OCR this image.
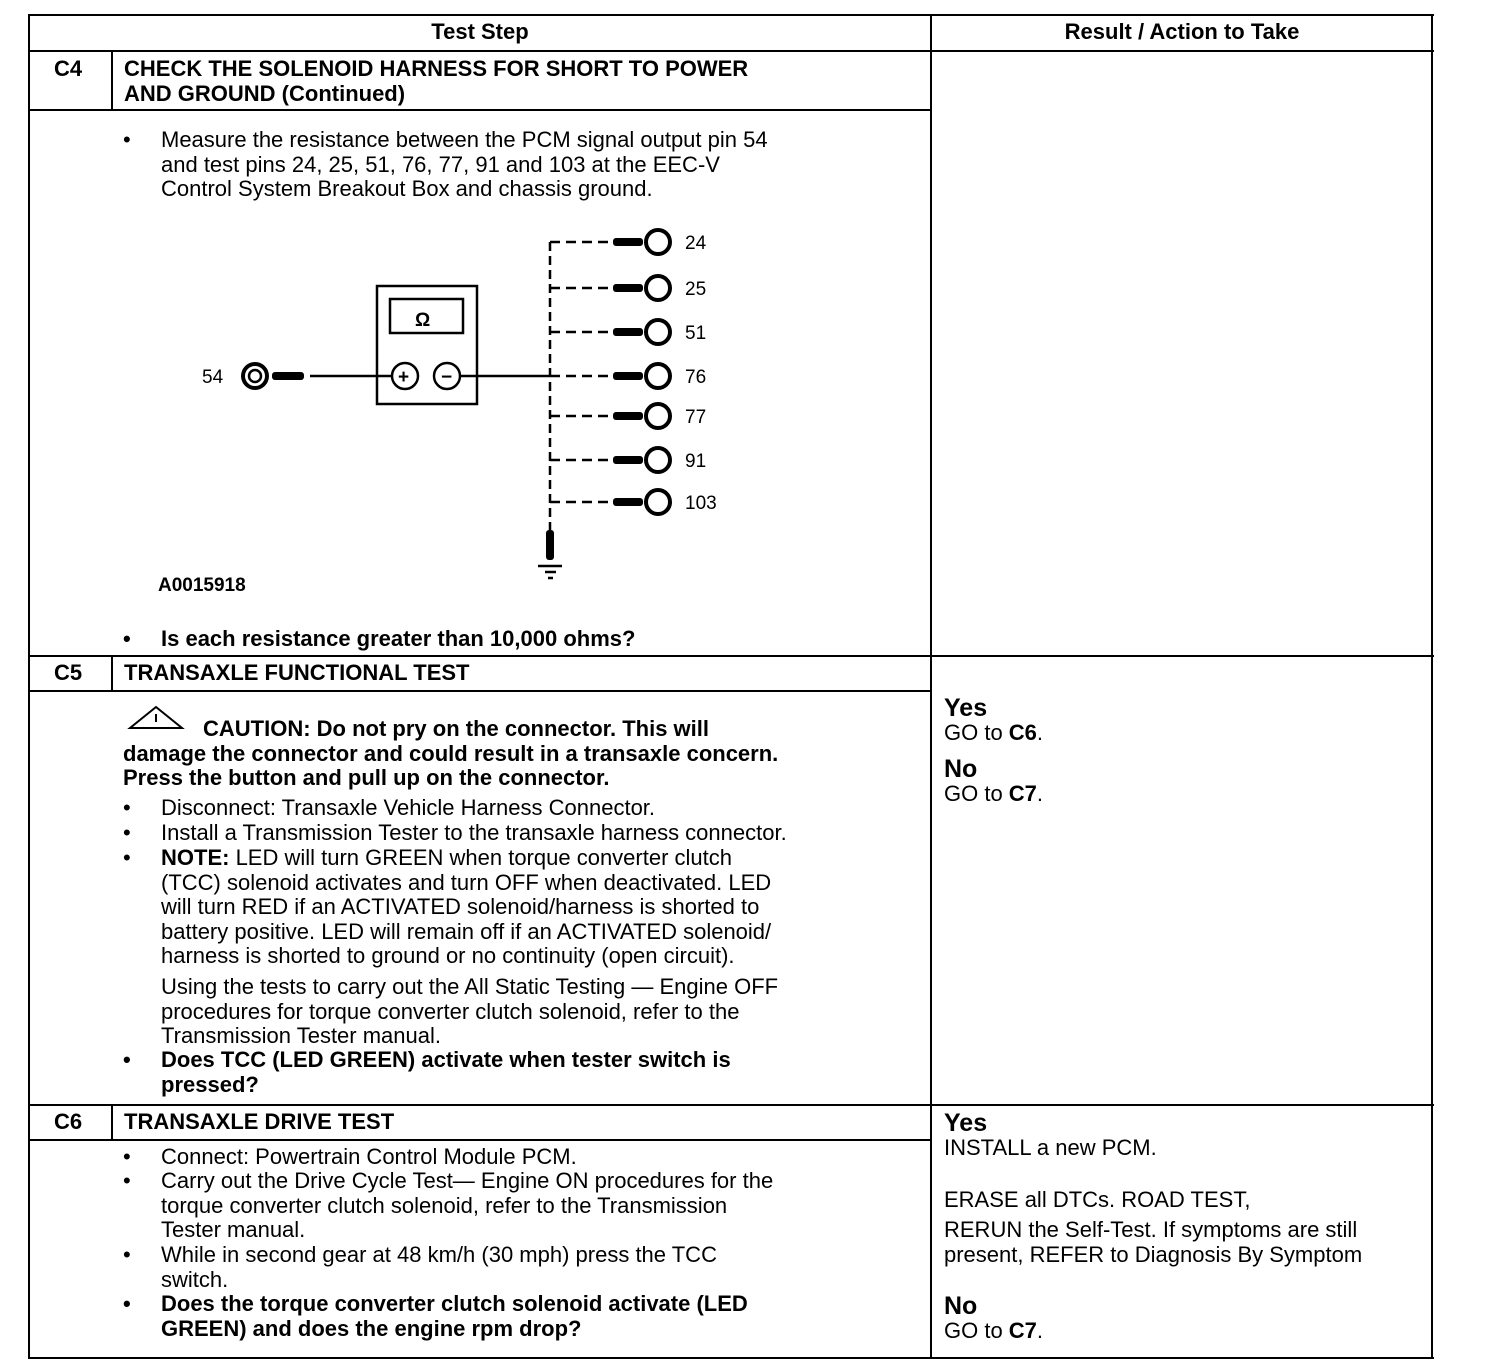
Test Step	Result / Action to Take
C4 CHECK THE SOLENOID HARNESS FOR SHORT TO POWER
AND GROUND (Continued)
• Measure the resistance between the PCM signal output pin 54
and test pins 24, 25, 51, 76, 77, 91 and 103 at the EEC-V
Control System Breakout Box and chassis ground.
Ω
+ −
54
24
25
51
76
77
91
103
A0015918
• Is each resistance greater than 10,000 ohms?
C5 TRANSAXLE FUNCTIONAL TEST
CAUTION: Do not pry on the connector. This will
damage the connector and could result in a transaxle concern.
Press the button and pull up on the connector.
• Disconnect: Transaxle Vehicle Harness Connector.
• Install a Transmission Tester to the transaxle harness connector.
• NOTE: LED will turn GREEN when torque converter clutch
(TCC) solenoid activates and turn OFF when deactivated. LED
will turn RED if an ACTIVATED solenoid/harness is shorted to
battery positive. LED will remain off if an ACTIVATED solenoid/
harness is shorted to ground or no continuity (open circuit).
Using the tests to carry out the All Static Testing — Engine OFF
procedures for torque converter clutch solenoid, refer to the
Transmission Tester manual.
• Does TCC (LED GREEN) activate when tester switch is
pressed?
Yes
GO to C6.
No
GO to C7.
C6 TRANSAXLE DRIVE TEST
• Connect: Powertrain Control Module PCM.
• Carry out the Drive Cycle Test— Engine ON procedures for the
torque converter clutch solenoid, refer to the Transmission
Tester manual.
• While in second gear at 48 km/h (30 mph) press the TCC
switch.
• Does the torque converter clutch solenoid activate (LED
GREEN) and does the engine rpm drop?
Yes
INSTALL a new PCM.
ERASE all DTCs. ROAD TEST,
RERUN the Self-Test. If symptoms are still
present, REFER to Diagnosis By Symptom
No
GO to C7.
